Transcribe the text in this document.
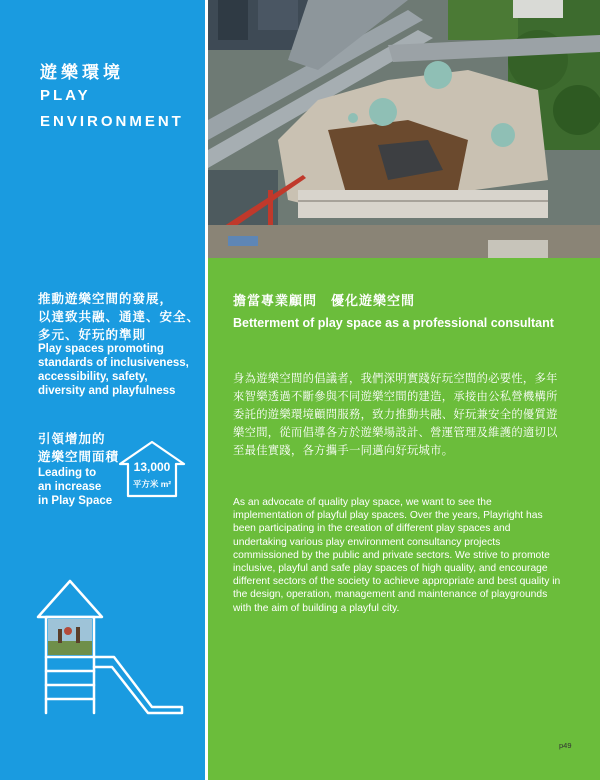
遊樂環境
PLAY
ENVIRONMENT
推動遊樂空間的發展，
以達致共融、通達、安全、
多元、好玩的準則
Play spaces promoting
standards of inclusiveness,
accessibility, safety,
diversity and playfulness
引領增加的
遊樂空間面積
Leading to
an increase
in Play Space
13,000
平方米 m²
擔當專業顧問　優化遊樂空間
Betterment of play space as a professional consultant
身為遊樂空間的倡議者，我們深明實踐好玩空間的必要性，多年來智樂透過不斷參與不同遊樂空間的建造，承接由公私營機構所委託的遊樂環境顧問服務，致力推動共融、好玩兼安全的優質遊樂空間，從而倡導各方於遊樂場設計、營運管理及維護的適切以至最佳實踐，各方攜手一同邁向好玩城市。
As an advocate of quality play space, we want to see the implementation of playful play spaces. Over the years, Playright has been participating in the creation of different play spaces and undertaking various play environment consultancy projects commissioned by the public and private sectors. We strive to promote inclusive, playful and safe play spaces of high quality, and encourage different sectors of the society to achieve appropriate and best quality in the design, operation, management and maintenance of playgrounds with the aim of building a playful city.
p49
